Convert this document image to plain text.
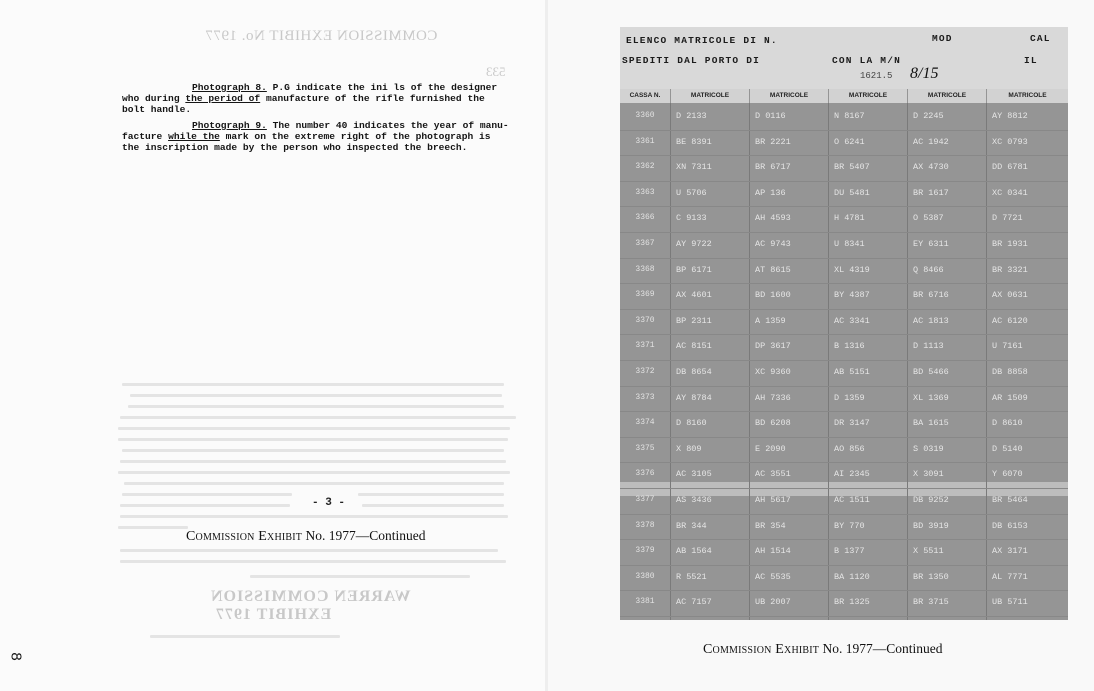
COMMISSION EXHIBIT No. 1977
533
WARREN COMMISSION
EXHIBIT 1977
Photograph 8. P.G indicate the ini ls of the designer
who during the period of manufacture of the rifle furnished the
bolt handle.
Photograph 9. The number 40 indicates the year of manu-
facture while the mark on the extreme right of the photograph is
the inscription made by the person who inspected the breech.
- 3 -
Commission Exhibit No. 1977—Continued
8
ELENCO MATRICOLE DI N.	MOD	CAL
SPEDITI DAL PORTO DI	CON LA M/N	IL
1621.5 8/15
CASSA N.	MATRICOLE	MATRICOLE	MATRICOLE	MATRICOLE	MATRICOLE
3360	D 2133	D 0116	N 8167	D 2245	AY 8812
3361	BE 8391	BR 2221	O 6241	AC 1942	XC 0793
3362	XN 7311	BR 6717	BR 5407	AX 4730	DD 6781
3363	U 5706	AP 136	DU 5481	BR 1617	XC 0341
3366	C 9133	AH 4593	H 4781	O 5387	D 7721
3367	AY 9722	AC 9743	U 8341	EY 6311	BR 1931
3368	BP 6171	AT 8615	XL 4319	Q 8466	BR 3321
3369	AX 4601	BD 1600	BY 4387	BR 6716	AX 0631
3370	BP 2311	A 1359	AC 3341	AC 1813	AC 6120
3371	AC 8151	DP 3617	B 1316	D 1113	U 7161
3372	DB 8654	XC 9360	AB 5151	BD 5466	DB 8858
3373	AY 8784	AH 7336	D 1359	XL 1369	AR 1509
3374	D 8160	BD 6208	DR 3147	BA 1615	D 8610
3375	X 809	E 2090	AO 856	S 0319	D 5140
3376	AC 3105	AC 3551	AI 2345	X 3091	Y 6070
3377	AS 3436	AH 5617	AC 1511	DB 9252	BR 5464
3378	BR 344	BR 354	BY 770	BD 3919	DB 6153
3379	AB 1564	AH 1514	B 1377	X 5511	AX 3171
3380	R 5521	AC 5535	BA 1120	BR 1350	AL 7771
3381	AC 7157	UB 2007	BR 1325	BR 3715	UB 5711
Commission Exhibit No. 1977—Continued
